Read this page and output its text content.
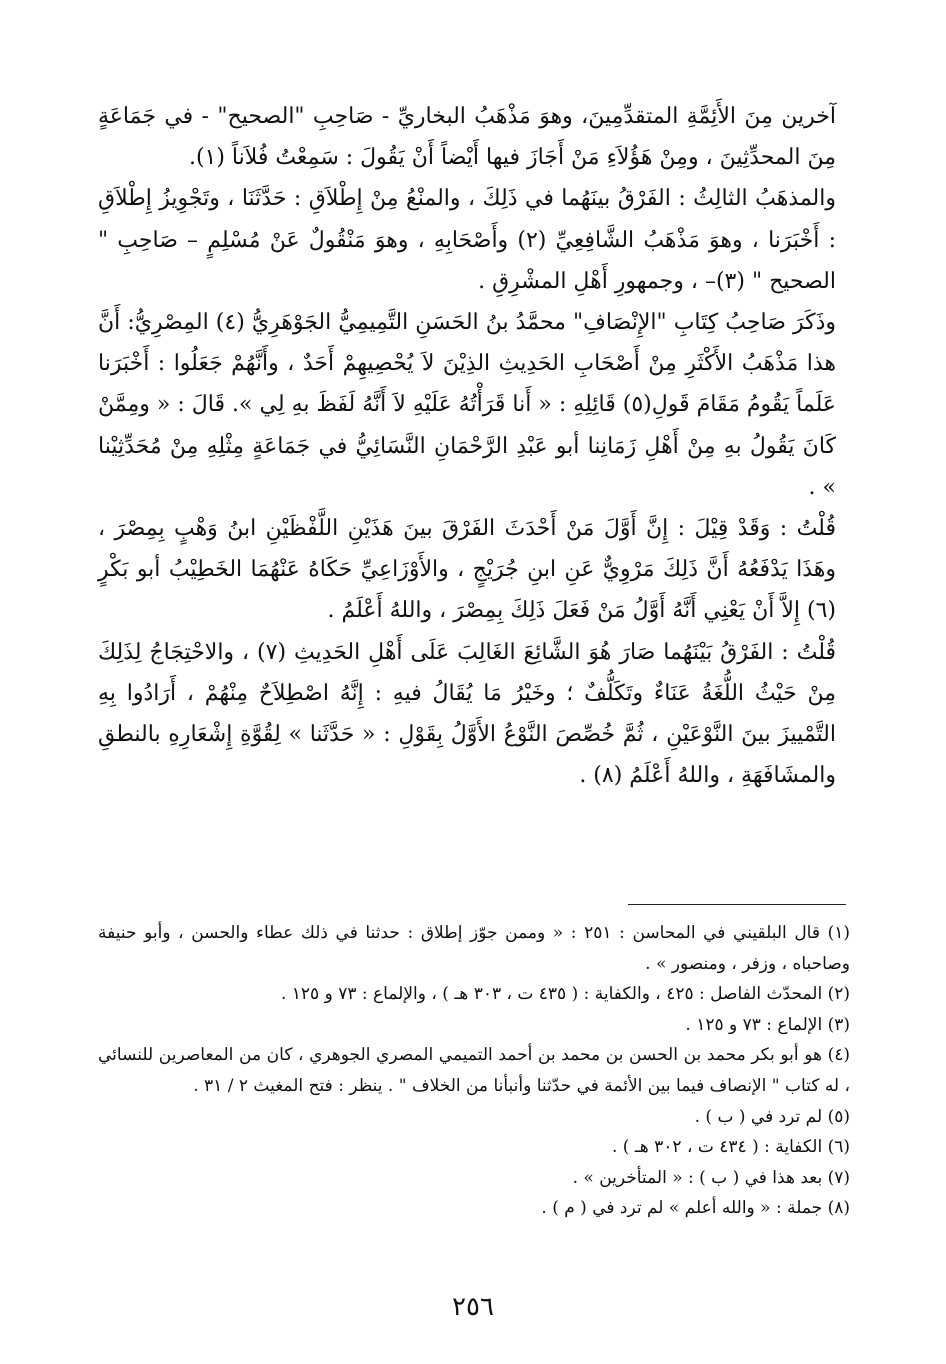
آخرين مِنَ الأَئِمَّةِ المتقدِّمِينَ، وهوَ مَذْهَبُ البخاريِّ - صَاحِبِ "الصحيح" - في جَمَاعَةٍ مِنَ المحدِّثِينَ ، ومِنْ هَؤُلاَءِ مَنْ أَجَازَ فيها أَيْضاً أَنْ يَقُولَ : سَمِعْتُ فُلاَناً (١).

والمذهَبُ الثالِثُ : الفَرْقُ بينَهُما في ذَلِكَ ، والمنْعُ مِنْ إِطْلاَقِ : حَدَّثَنَا ، وتَجْوِيزُ إِطْلاَقِ : أَخْبَرَنا ، وهوَ مَذْهَبُ الشَّافِعِيِّ (٢) وأَصْحَابِهِ ، وهوَ مَنْقُولٌ عَنْ مُسْلِمٍ – صَاحِبِ " الصحيح " (٣)– ، وجمهورِ أَهْلِ المشْرِقِ .

وذَكَرَ صَاحِبُ كِتَابِ "الإِنْصَافِ" محمَّدُ بنُ الحَسَنِ التَّمِيمِيُّ الجَوْهَرِيُّ (٤) المِصْرِيُّ: أَنَّ هذا مَذْهَبُ الأَكْثَرِ مِنْ أَصْحَابِ الحَدِيثِ الذِيْنَ لاَ يُحْصِيهِمْ أَحَدٌ ، وأَنَّهُمْ جَعَلُوا : أَخْبَرَنا عَلَماً يَقُومُ مَقَامَ قَولِ(٥) قَائِلِهِ : « أَنا قَرَأْتُهُ عَلَيْهِ لاَ أَنَّهُ لَفَظَ بهِ لِي ». قَالَ : « ومِمَّنْ كَانَ يَقُولُ بهِ مِنْ أَهْلِ زَمَانِنا أبو عَبْدِ الرَّحْمَانِ النَّسَائِيُّ في جَمَاعَةٍ مِثْلِهِ مِنْ مُحَدِّثِيْنا » .

قُلْتُ : وَقَدْ قِيْلَ : إِنَّ أَوَّلَ مَنْ أَحْدَثَ الفَرْقَ بينَ هَذَيْنِ اللَّفْظَيْنِ ابنُ وَهْبٍ بِمِصْرَ ، وهَذَا يَدْفَعُهُ أَنَّ ذَلِكَ مَرْوِيٌّ عَنِ ابنِ جُرَيْجٍ ، والأَوْزَاعِيِّ حَكَاهُ عَنْهُمَا الخَطِيْبُ أبو بَكْرٍ (٦) إِلاَّ أَنْ يَعْنِي أَنَّهُ أَوَّلُ مَنْ فَعَلَ ذَلِكَ بِمِصْرَ ، واللهُ أَعْلَمُ .

قُلْتُ : الفَرْقُ بَيْنَهُما صَارَ هُوَ الشَّائِعَ الغَالِبَ عَلَى أَهْلِ الحَدِيثِ (٧) ، والاحْتِجَاجُ لِذَلِكَ مِنْ حَيْثُ اللُّغَةُ عَنَاءٌ وتَكَلُّفٌ ؛ وخَيْرُ مَا يُقَالُ فيهِ : إِنَّهُ اصْطِلاَحٌ مِنْهُمْ ، أَرَادُوا بِهِ التَّمْييزَ بينَ النَّوْعَيْنِ ، ثُمَّ خُصِّصَ النَّوْعُ الأَوَّلُ بِقَوْلِ : « حَدَّثَنا » لِقُوَّةِ إِشْعَارِهِ بالنطقِ والمشَافَهَةِ ، واللهُ أَعْلَمُ (٨) .

(١) قال البلقيني في المحاسن : ٢٥١ : « وممن جوّز إطلاق : حدثنا في ذلك عطاء والحسن ، وأبو حنيفة وصاحباه ، وزفر ، ومنصور » .

(٢) المحدّث الفاصل : ٤٢٥ ، والكفاية : ( ٤٣٥ ت ، ٣٠٣ هـ ) ، والإلماع : ٧٣ و ١٢٥ .

(٣) الإلماع : ٧٣ و ١٢٥ .

(٤) هو أبو بكر محمد بن الحسن بن محمد بن أحمد التميمي المصري الجوهري ، كان من المعاصرين للنسائي ، له كتاب " الإنصاف فيما بين الأئمة في حدّثنا وأنبأنا من الخلاف " . ينظر : فتح المغيث ٢ / ٣١ .

(٥) لم ترد في ( ب ) .

(٦) الكفاية : ( ٤٣٤ ت ، ٣٠٢ هـ ) .

(٧) بعد هذا في ( ب ) : « المتأخرين » .

(٨) جملة : « والله أعلم » لم ترد في ( م ) .

٢٥٦
